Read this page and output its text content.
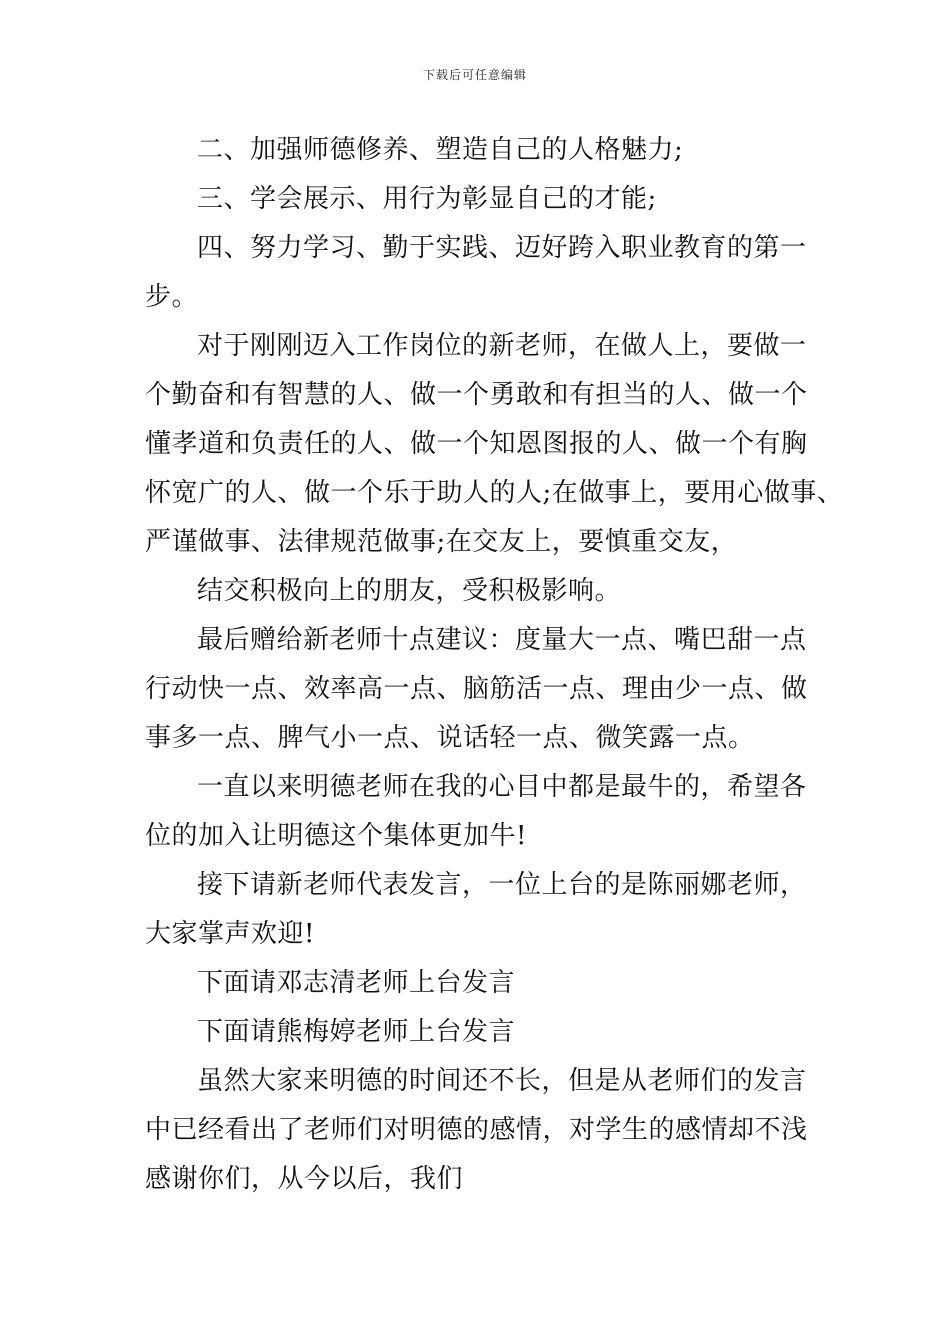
下载后可任意编辑
二、加强师德修养、塑造自己的人格魅力;
三、学会展示、用行为彰显自己的才能;
四、努力学习、勤于实践、迈好跨入职业教育的第一
步。
对于刚刚迈入工作岗位的新老师，在做人上，要做一
个勤奋和有智慧的人、做一个勇敢和有担当的人、做一个
懂孝道和负责任的人、做一个知恩图报的人、做一个有胸
怀宽广的人、做一个乐于助人的人;在做事上，要用心做事、
严谨做事、法律规范做事;在交友上，要慎重交友，
结交积极向上的朋友，受积极影响。
最后赠给新老师十点建议：度量大一点、嘴巴甜一点
行动快一点、效率高一点、脑筋活一点、理由少一点、做
事多一点、脾气小一点、说话轻一点、微笑露一点。
一直以来明德老师在我的心目中都是最牛的，希望各
位的加入让明德这个集体更加牛!
接下请新老师代表发言，一位上台的是陈丽娜老师，
大家掌声欢迎!
下面请邓志清老师上台发言
下面请熊梅婷老师上台发言
虽然大家来明德的时间还不长，但是从老师们的发言
中已经看出了老师们对明德的感情，对学生的感情却不浅
感谢你们，从今以后，我们
